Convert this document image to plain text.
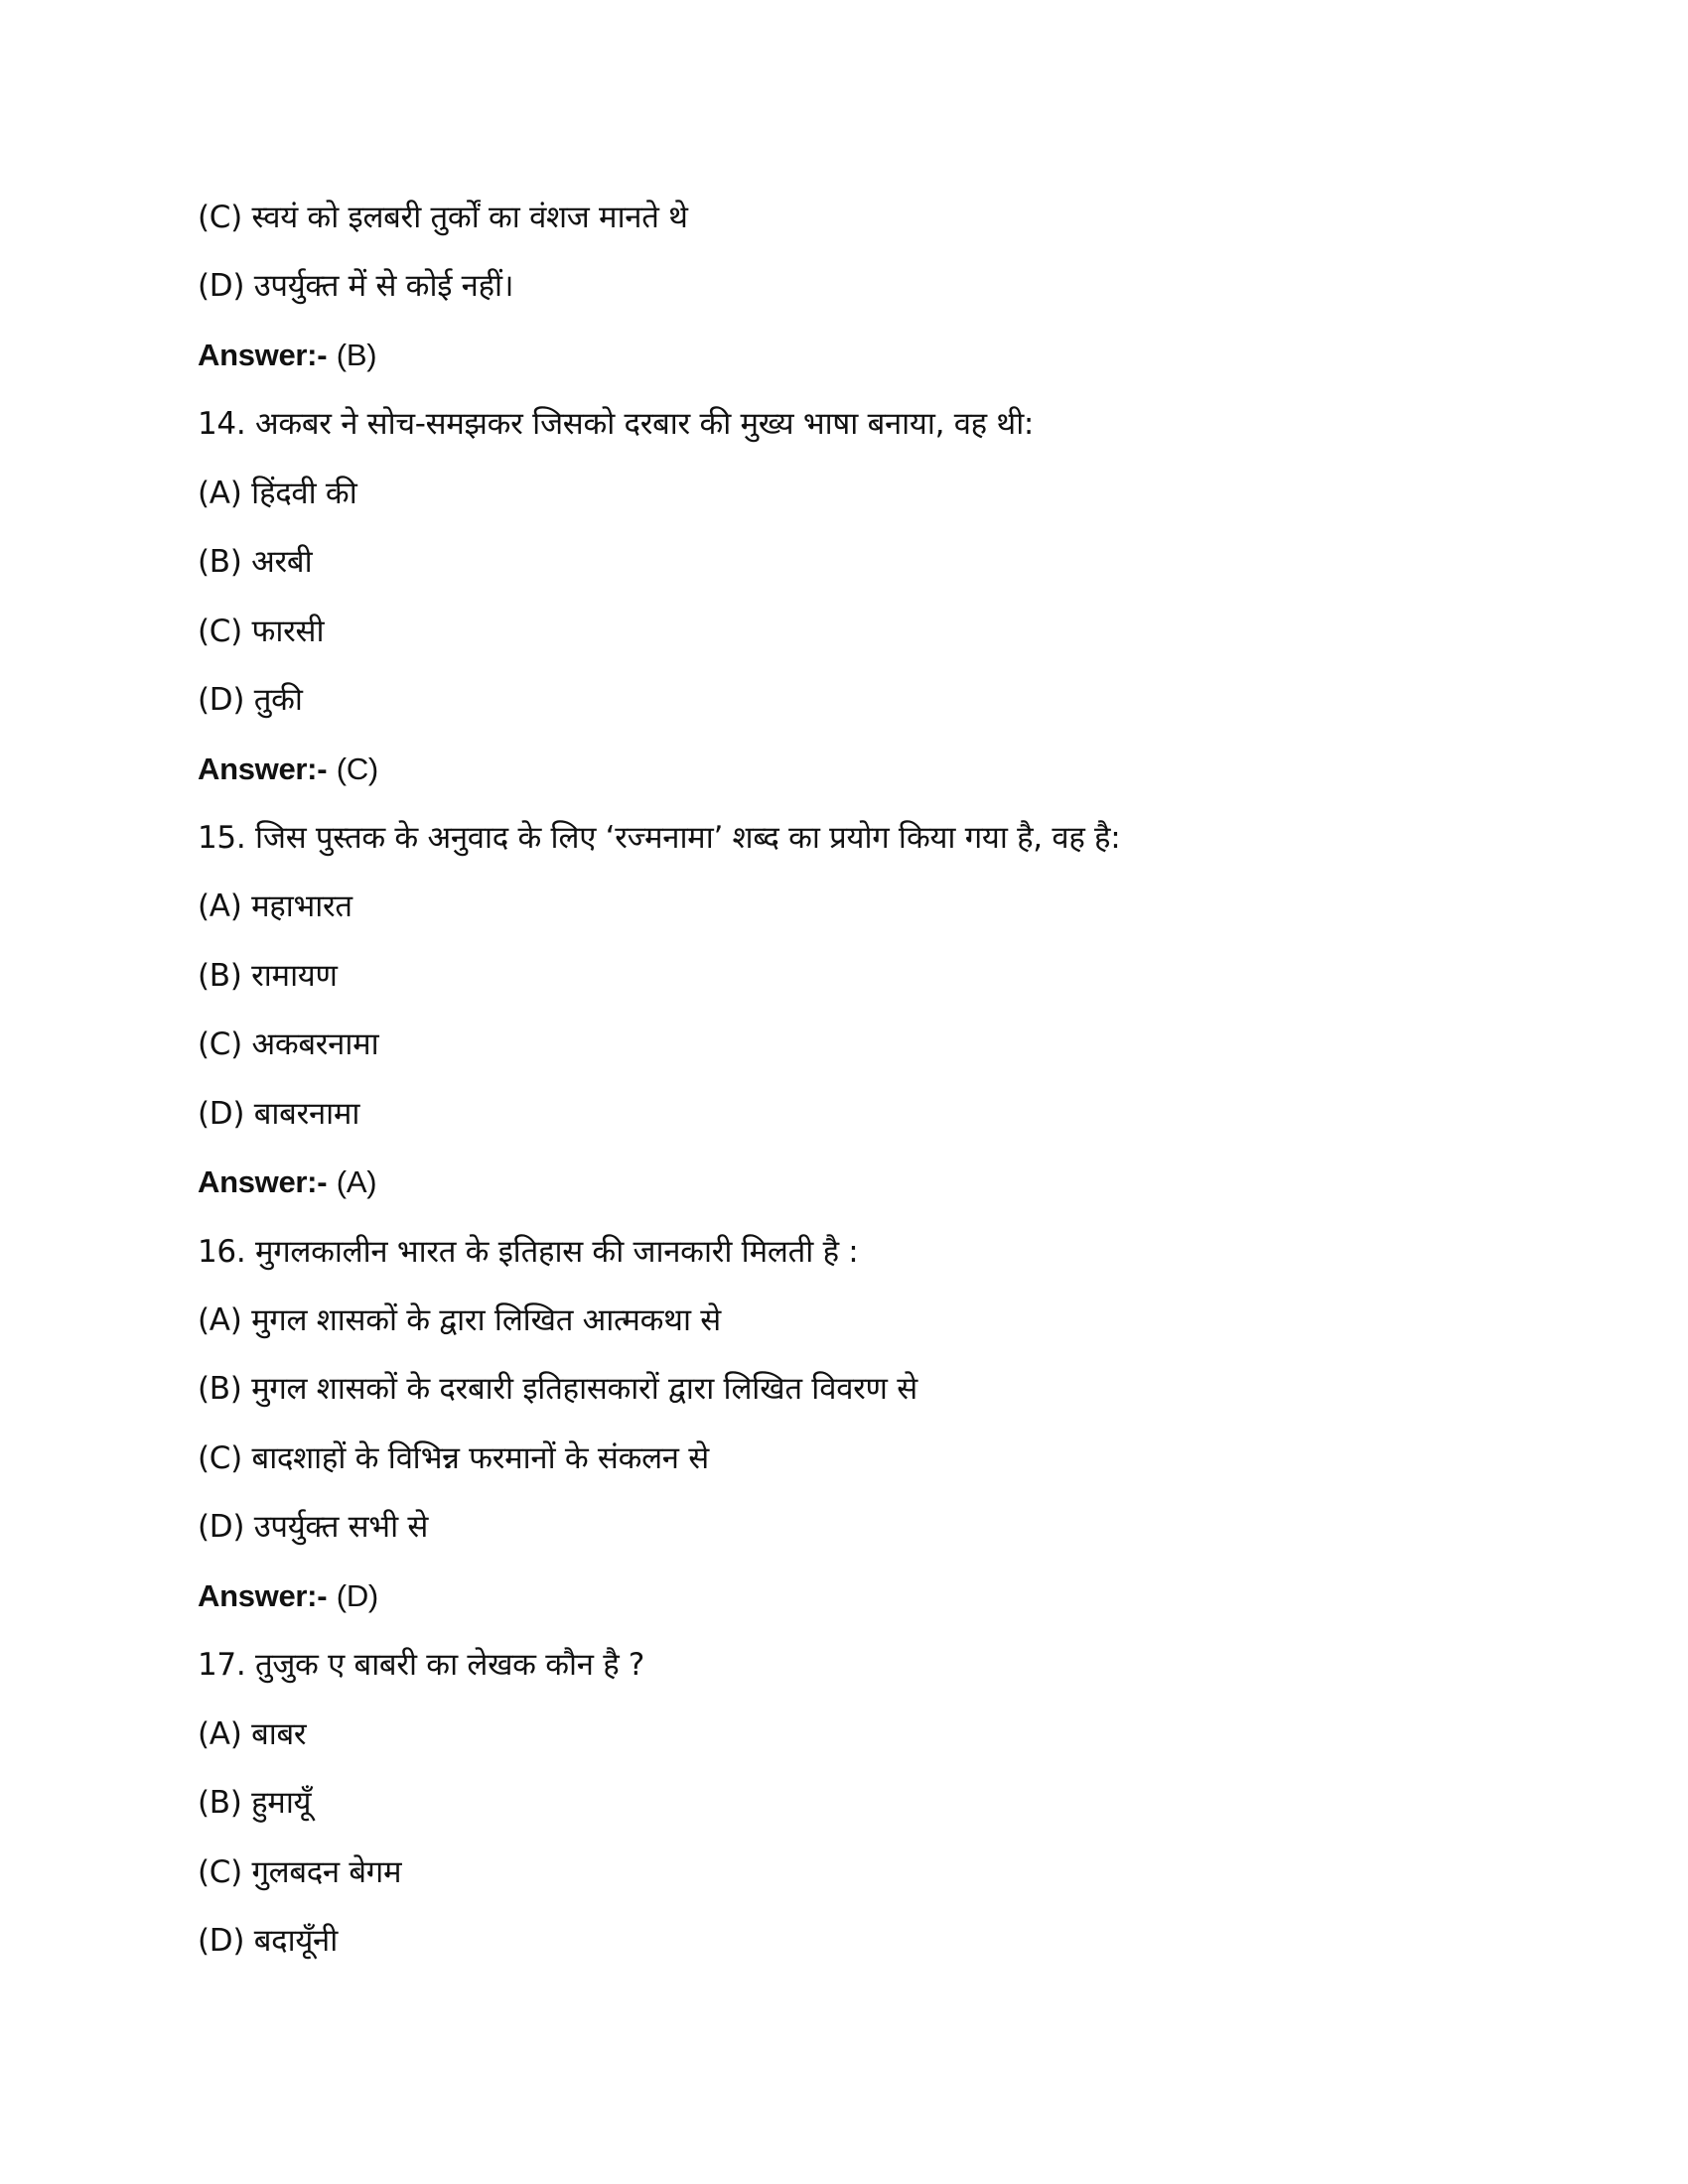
(C) स्वयं को इलबरी तुर्कों का वंशज मानते थे
(D) उपर्युक्त में से कोई नहीं।
Answer:- (B)
14. अकबर ने सोच-समझकर जिसको दरबार की मुख्य भाषा बनाया, वह थी:
(A) हिंदवी की
(B) अरबी
(C) फारसी
(D) तुकी
Answer:- (C)
15. जिस पुस्तक के अनुवाद के लिए ‘रज्मनामा’ शब्द का प्रयोग किया गया है, वह है:
(A) महाभारत
(B) रामायण
(C) अकबरनामा
(D) बाबरनामा
Answer:- (A)
16. मुगलकालीन भारत के इतिहास की जानकारी मिलती है :
(A) मुगल शासकों के द्वारा लिखित आत्मकथा से
(B) मुगल शासकों के दरबारी इतिहासकारों द्वारा लिखित विवरण से
(C) बादशाहों के विभिन्न फरमानों के संकलन से
(D) उपर्युक्त सभी से
Answer:- (D)
17. तुजुक ए बाबरी का लेखक कौन है ?
(A) बाबर
(B) हुमायूँ
(C) गुलबदन बेगम
(D) बदायूँनी
